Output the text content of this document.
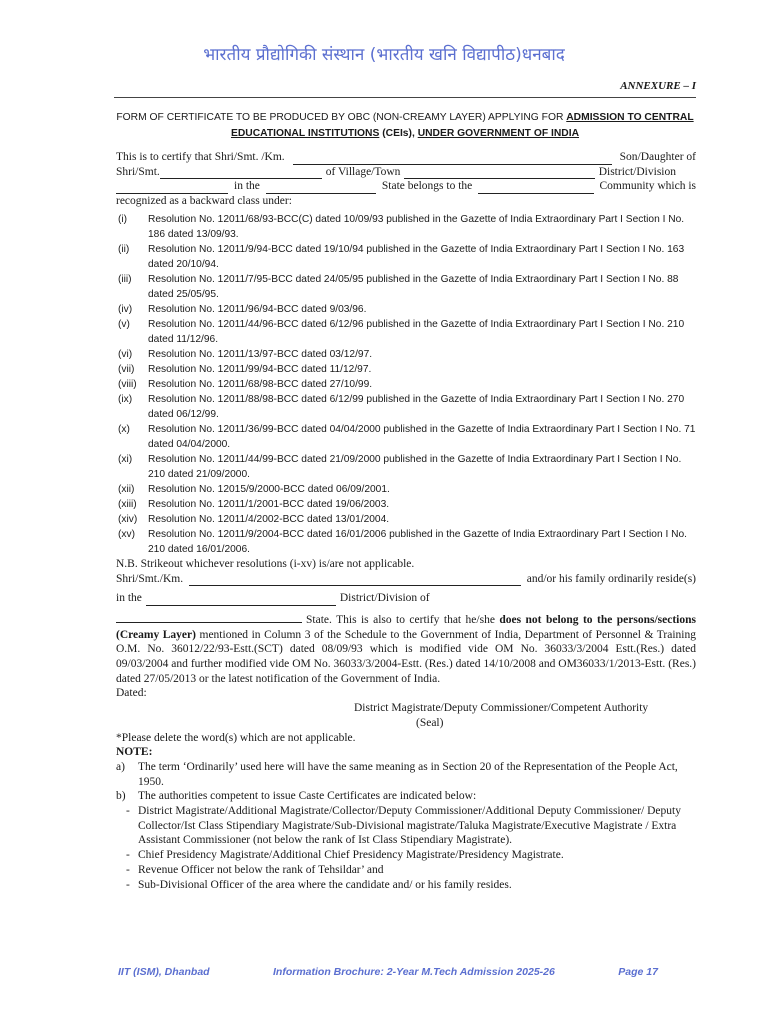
भारतीय प्रौद्योगिकी संस्थान (भारतीय खनि विद्यापीठ)धनबाद
ANNEXURE – I
FORM OF CERTIFICATE TO BE PRODUCED BY OBC (NON-CREAMY LAYER) APPLYING FOR ADMISSION TO CENTRAL EDUCATIONAL INSTITUTIONS (CEIs), UNDER GOVERNMENT OF INDIA
This is to certify that Shri/Smt. /Km.	Son/Daughter of
Shri/Smt.	of Village/Town	District/Division
in the	State belongs to the	Community which is
recognized as a backward class under:
(i)	Resolution No. 12011/68/93-BCC(C) dated 10/09/93 published in the Gazette of India Extraordinary Part I Section I No. 186 dated 13/09/93.
(ii)	Resolution No. 12011/9/94-BCC dated 19/10/94 published in the Gazette of India Extraordinary Part I Section I No. 163 dated 20/10/94.
(iii)	Resolution No. 12011/7/95-BCC dated 24/05/95 published in the Gazette of India Extraordinary Part I Section I No. 88 dated 25/05/95.
(iv)	Resolution No. 12011/96/94-BCC dated 9/03/96.
(v)	Resolution No. 12011/44/96-BCC dated 6/12/96 published in the Gazette of India Extraordinary Part I Section I No. 210 dated 11/12/96.
(vi)	Resolution No. 12011/13/97-BCC dated 03/12/97.
(vii)	Resolution No. 12011/99/94-BCC dated 11/12/97.
(viii)	Resolution No. 12011/68/98-BCC dated 27/10/99.
(ix)	Resolution No. 12011/88/98-BCC dated 6/12/99 published in the Gazette of India Extraordinary Part I Section I No. 270 dated 06/12/99.
(x)	Resolution No. 12011/36/99-BCC dated 04/04/2000 published in the Gazette of India Extraordinary Part I Section I No. 71 dated 04/04/2000.
(xi)	Resolution No. 12011/44/99-BCC dated 21/09/2000 published in the Gazette of India Extraordinary Part I Section I No. 210 dated 21/09/2000.
(xii)	Resolution No. 12015/9/2000-BCC dated 06/09/2001.
(xiii)	Resolution No. 12011/1/2001-BCC dated 19/06/2003.
(xiv)	Resolution No. 12011/4/2002-BCC dated 13/01/2004.
(xv)	Resolution No. 12011/9/2004-BCC dated 16/01/2006 published in the Gazette of India Extraordinary Part I Section I No. 210 dated 16/01/2006.
N.B. Strikeout whichever resolutions (i-xv) is/are not applicable.
Shri/Smt./Km.	and/or his family ordinarily reside(s)
in the	District/Division of
State. This is also to certify that he/she does not belong to the persons/sections (Creamy Layer) mentioned in Column 3 of the Schedule to the Government of India, Department of Personnel & Training O.M. No. 36012/22/93-Estt.(SCT) dated 08/09/93 which is modified vide OM No. 36033/3/2004 Estt.(Res.) dated 09/03/2004 and further modified vide OM No. 36033/3/2004-Estt. (Res.) dated 14/10/2008 and OM36033/1/2013-Estt. (Res.) dated 27/05/2013 or the latest notification of the Government of India.
Dated:
District Magistrate/Deputy Commissioner/Competent Authority
(Seal)
*Please delete the word(s) which are not applicable.
NOTE:
a)	The term ‘Ordinarily’ used here will have the same meaning as in Section 20 of the Representation of the People Act, 1950.
b)	The authorities competent to issue Caste Certificates are indicated below:
- District Magistrate/Additional Magistrate/Collector/Deputy Commissioner/Additional Deputy Commissioner/ Deputy Collector/Ist Class Stipendiary Magistrate/Sub-Divisional magistrate/Taluka Magistrate/Executive Magistrate / Extra Assistant Commissioner (not below the rank of Ist Class Stipendiary Magistrate).
- Chief Presidency Magistrate/Additional Chief Presidency Magistrate/Presidency Magistrate.
- Revenue Officer not below the rank of Tehsildar’ and
- Sub-Divisional Officer of the area where the candidate and/ or his family resides.
IIT (ISM), Dhanbad	Information Brochure: 2-Year M.Tech Admission 2025-26	Page 17
